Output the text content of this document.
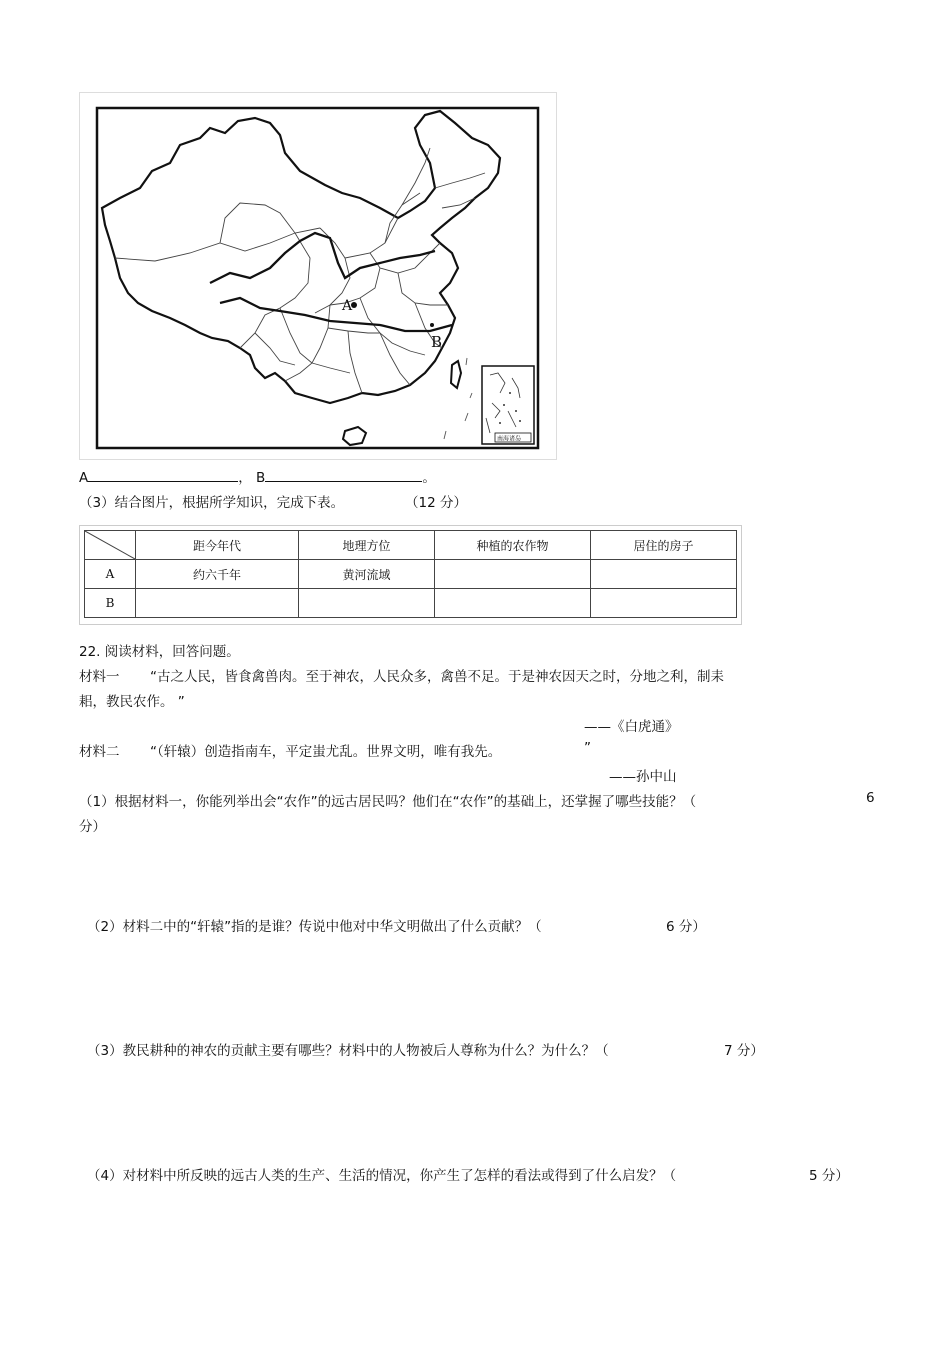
A
B
南海诸岛
A	， B	。
（3）结合图片，根据所学知识，完成下表。	（12 分）
	距今年代	地理方位	种植的农作物	居住的房子
A	约六千年	黄河流域		
B				
22. 阅读材料，回答问题。
材料一 “古之人民，皆食禽兽肉。至于神农，人民众多，禽兽不足。于是神农因天之时，分地之利，制耒
耜，教民农作。 ”
——《白虎通》
材料二 “（轩辕）创造指南车，平定蚩尤乱。世界文明，唯有我先。	”
——孙中山
（1）根据材料一，你能列举出会“农作”的远古居民吗？他们在“农作”的基础上，还掌握了哪些技能？（	6
分）
（2）材料二中的“轩辕”指的是谁？传说中他对中华文明做出了什么贡献？（	6 分）
（3）教民耕种的神农的贡献主要有哪些？材料中的人物被后人尊称为什么？为什么？（	7 分）
（4）对材料中所反映的远古人类的生产、生活的情况，你产生了怎样的看法或得到了什么启发？（	5 分）
